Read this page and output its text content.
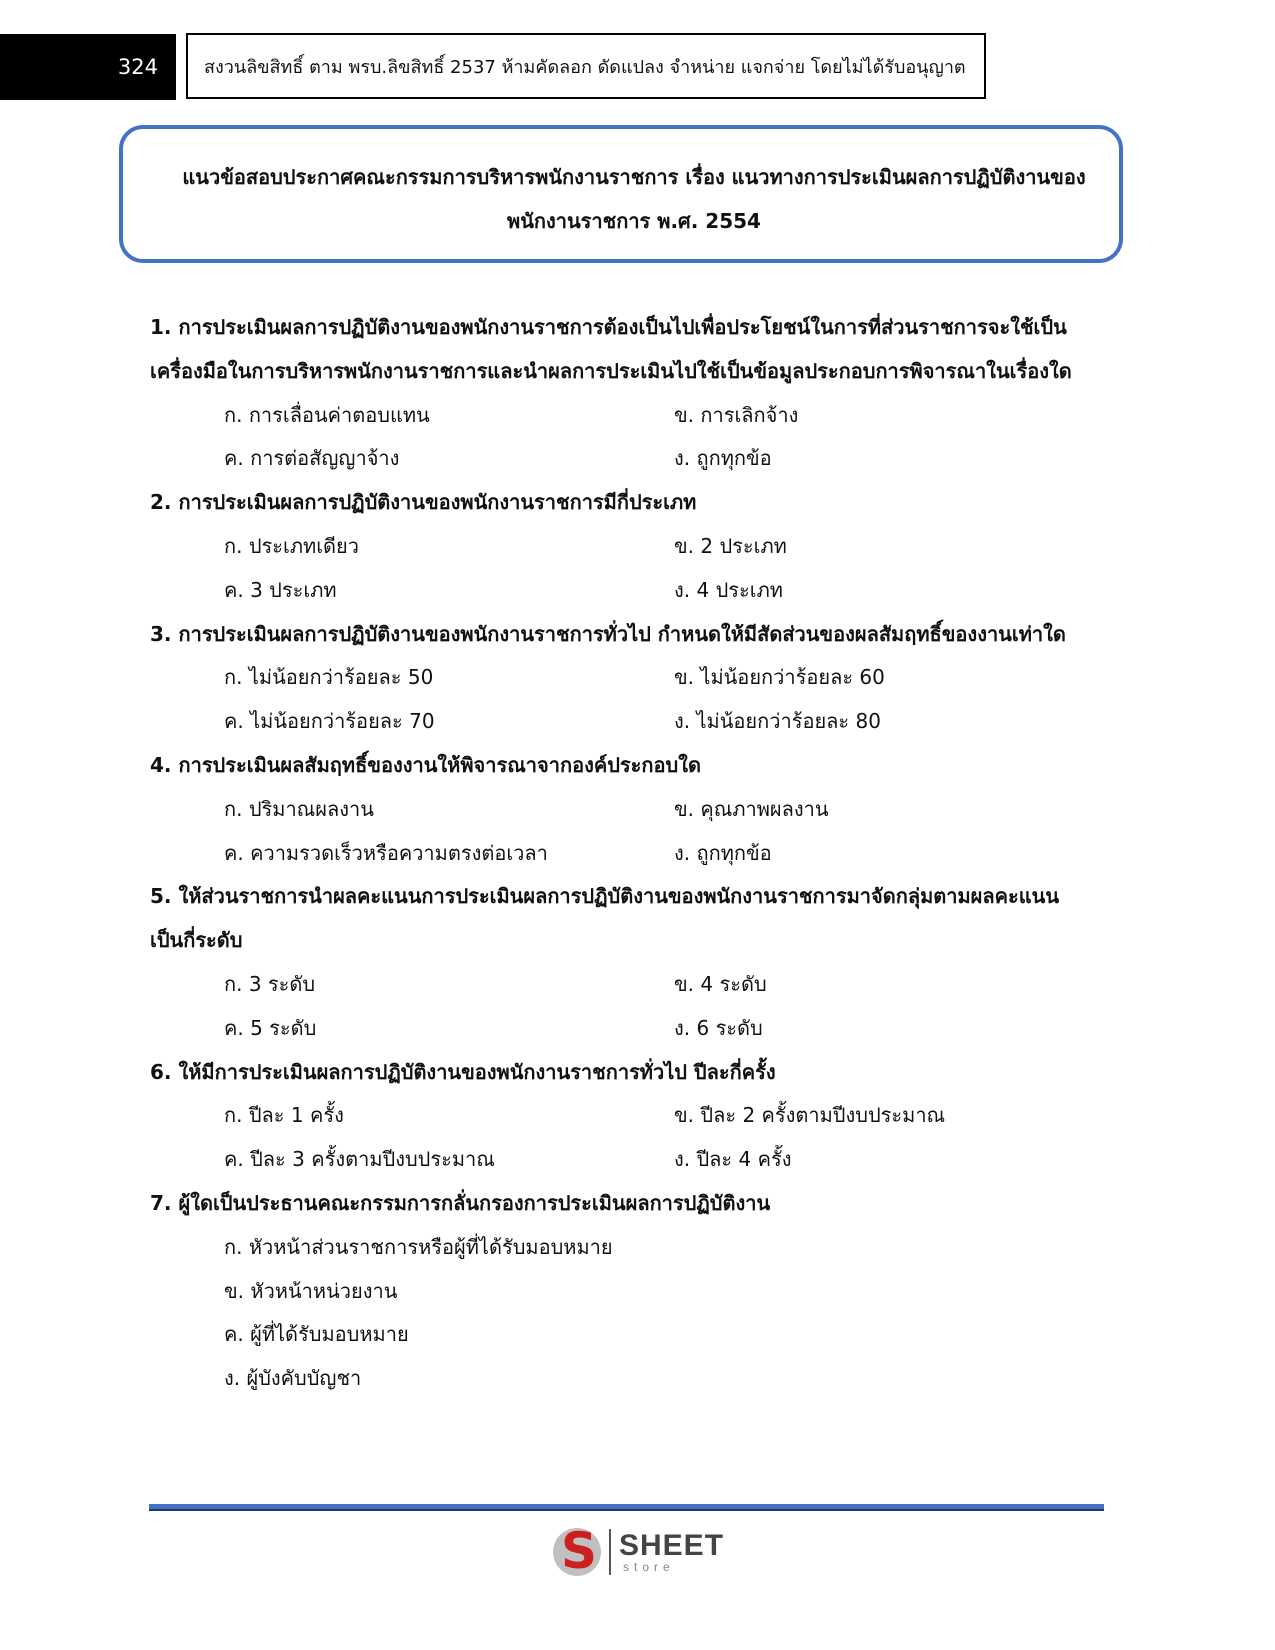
324	สงวนลิขสิทธิ์ ตาม พรบ.ลิขสิทธิ์ 2537 ห้ามคัดลอก ดัดแปลง จำหน่าย แจกจ่าย โดยไม่ได้รับอนุญาต
แนวข้อสอบประกาศคณะกรรมการบริหารพนักงานราชการ เรื่อง แนวทางการประเมินผลการปฏิบัติงานของ
พนักงานราชการ พ.ศ. 2554
1. การประเมินผลการปฏิบัติงานของพนักงานราชการต้องเป็นไปเพื่อประโยชน์ในการที่ส่วนราชการจะใช้เป็น
เครื่องมือในการบริหารพนักงานราชการและนำผลการประเมินไปใช้เป็นข้อมูลประกอบการพิจารณาในเรื่องใด
ก. การเลื่อนค่าตอบแทน	ข. การเลิกจ้าง
ค. การต่อสัญญาจ้าง	ง. ถูกทุกข้อ
2. การประเมินผลการปฏิบัติงานของพนักงานราชการมีกี่ประเภท
ก. ประเภทเดียว	ข. 2 ประเภท
ค. 3 ประเภท	ง. 4 ประเภท
3. การประเมินผลการปฏิบัติงานของพนักงานราชการทั่วไป กำหนดให้มีสัดส่วนของผลสัมฤทธิ์ของงานเท่าใด
ก. ไม่น้อยกว่าร้อยละ 50	ข. ไม่น้อยกว่าร้อยละ 60
ค. ไม่น้อยกว่าร้อยละ 70	ง. ไม่น้อยกว่าร้อยละ 80
4. การประเมินผลสัมฤทธิ์ของงานให้พิจารณาจากองค์ประกอบใด
ก. ปริมาณผลงาน	ข. คุณภาพผลงาน
ค. ความรวดเร็วหรือความตรงต่อเวลา	ง. ถูกทุกข้อ
5. ให้ส่วนราชการนำผลคะแนนการประเมินผลการปฏิบัติงานของพนักงานราชการมาจัดกลุ่มตามผลคะแนน
เป็นกี่ระดับ
ก. 3 ระดับ	ข. 4 ระดับ
ค. 5 ระดับ	ง. 6 ระดับ
6. ให้มีการประเมินผลการปฏิบัติงานของพนักงานราชการทั่วไป ปีละกี่ครั้ง
ก. ปีละ 1 ครั้ง	ข. ปีละ 2 ครั้งตามปีงบประมาณ
ค. ปีละ 3 ครั้งตามปีงบประมาณ	ง. ปีละ 4 ครั้ง
7. ผู้ใดเป็นประธานคณะกรรมการกลั่นกรองการประเมินผลการปฏิบัติงาน
ก. หัวหน้าส่วนราชการหรือผู้ที่ได้รับมอบหมาย
ข. หัวหน้าหน่วยงาน
ค. ผู้ที่ได้รับมอบหมาย
ง. ผู้บังคับบัญชา
S
SHEET
store
